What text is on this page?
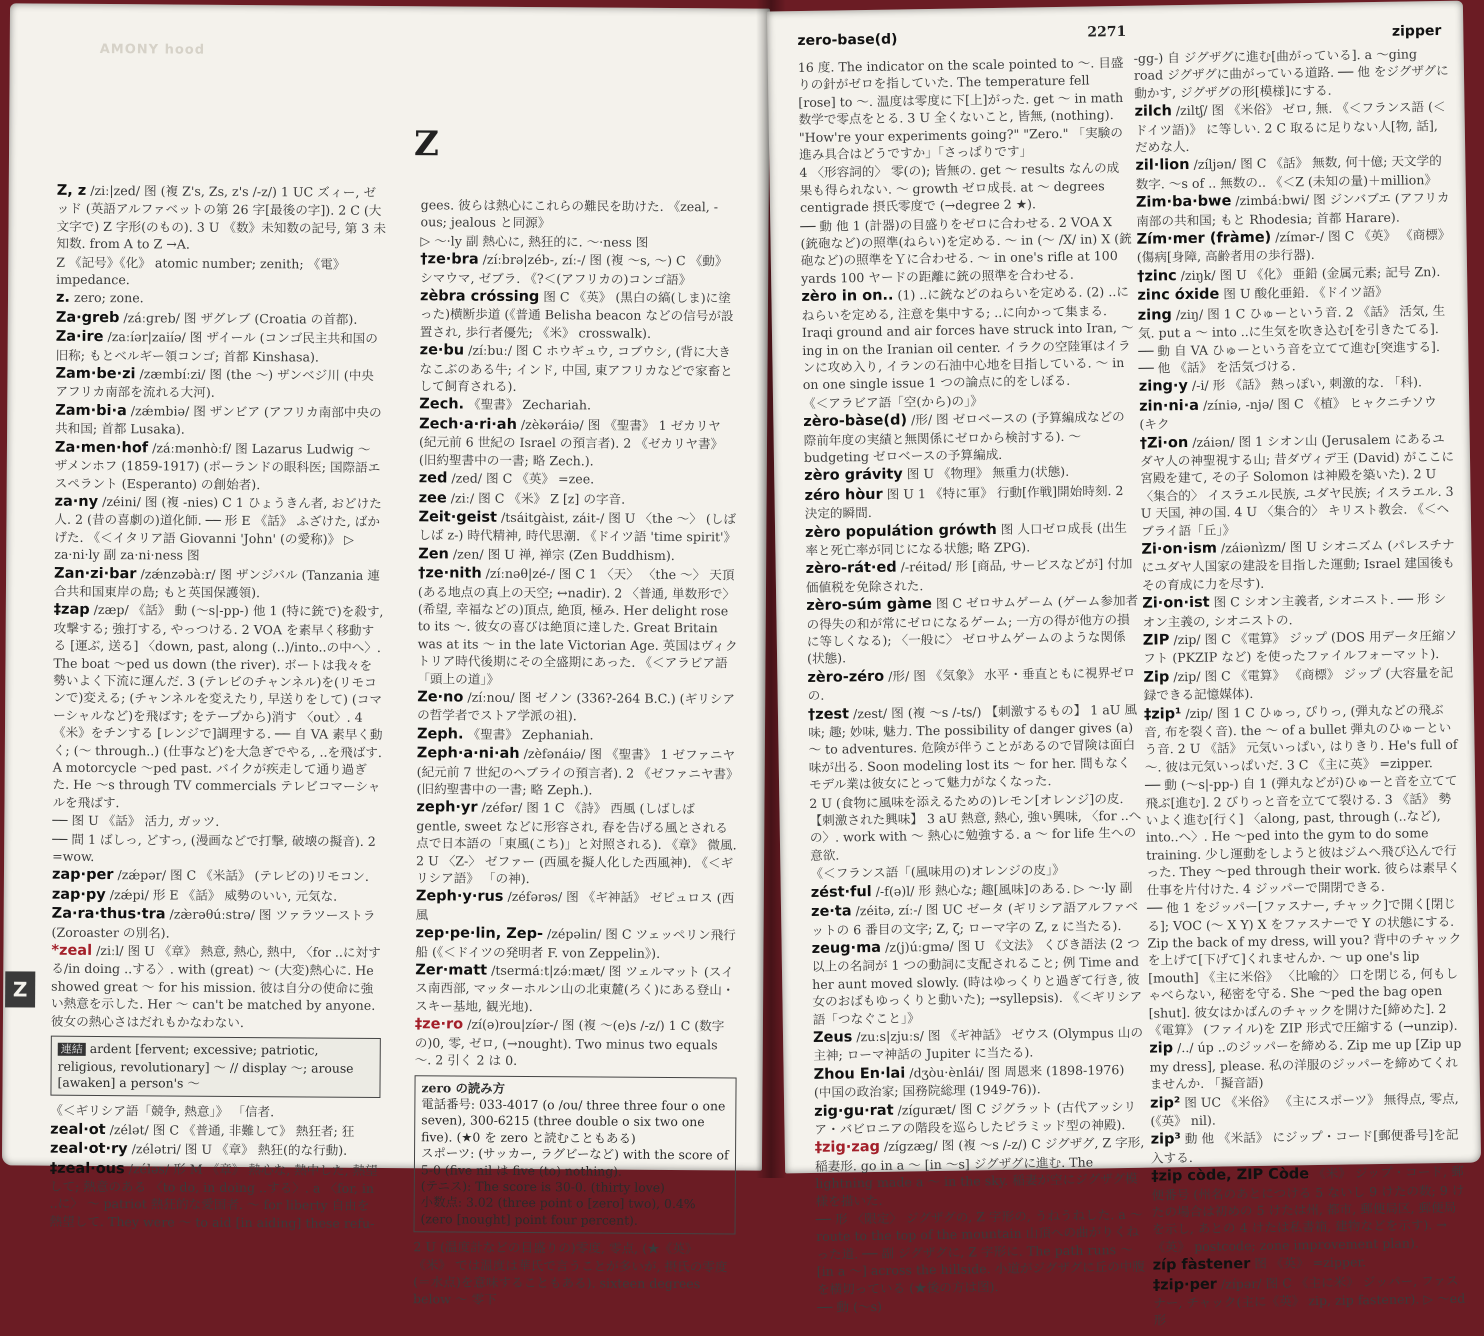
AMONY hood
Z
Z, z /ziː|zed/ 图 (複 Z's, Zs, z's /-z/) 1 UC ズィー, ゼッド (英語アルファベットの第 26 字[最後の字]). 2 C (大文字で) Z 字形(のもの). 3 U 《数》未知数の記号, 第 3 未知数. from A to Z →A.
Z 《記号》《化》 atomic number; zenith; 《電》 impedance.
z. zero; zone.
Za·greb /záːɡreb/ 图 ザグレブ (Croatia の首都).
Za·ire /zaːíər|zaiíə/ 图 ザイール (コンゴ民主共和国の旧称; もとベルギー領コンゴ; 首都 Kinshasa).
Zam·be·zi /zæmbíːzi/ 图 (the ～) ザンベジ川 (中央アフリカ南部を流れる大河).
Zam·bi·a /zǽmbiə/ 图 ザンビア (アフリカ南部中央の共和国; 首都 Lusaka).
Za·men·hof /záːmənhòːf/ 图 Lazarus Ludwig ～ ザメンホフ (1859-1917) (ポーランドの眼科医; 国際語エスペラント (Esperanto) の創始者).
za·ny /zéini/ 图 (複 -nies) C 1 ひょうきん者, おどけた人. 2 (昔の喜劇の)道化師. ── 形 E 《話》 ふざけた, ばかげた. 《＜イタリア語 Giovanni 'John' (の愛称)》 ▷ za·ni·ly 副 za·ni·ness 图
Zan·zi·bar /zǽnzəbàːr/ 图 ザンジバル (Tanzania 連合共和国東岸の島; もと英国保護領).
‡zap /zæp/ 《話》 動 (～s|-pp-) 他 1 (特に銃で)を殺す, 攻撃する; 強打する, やっつける. 2 VOA を素早く移動する [運ぶ, 送る] 〈down, past, along (..)/into..の中へ〉. The boat ～ped us down (the river). ボートは我々を勢いよく下流に運んだ. 3 (テレビのチャンネル)を(リモコンで)変える; (チャンネルを変えたり, 早送りをして) (コマーシャルなど)を飛ばす; をテープから)消す 〈out〉. 4 《米》をチンする [レンジで]調理する. ── 自 VA 素早く動く; (～ through..) (仕事など)を大急ぎでやる, ..を飛ばす. A motorcycle ～ped past. バイクが疾走して通り過ぎた. He ～s through TV commercials テレビコマーシャルを飛ばす.
── 图 U 《話》 活力, ガッツ.
── 間 1 ばしっ, どすっ, (漫画などで打撃, 破壊の擬音). 2 =wow.
zap·per /zǽpər/ 图 C 《米話》 (テレビの)リモコン.
zap·py /zǽpi/ 形 E 《話》 威勢のいい, 元気な.
Za·ra·thus·tra /zæ̀rəθúːstrə/ 图 ツァラツーストラ (Zoroaster の別名).
*zeal /ziːl/ 图 U 《章》 熱意, 熱心, 熱中, 〈for ..に対する/in doing ..する〉. with (great) ～ (大変)熱心に. He showed great ～ for his mission. 彼は自分の使命に強い熱意を示した. Her ～ can't be matched by anyone. 彼女の熱心さはだれもかなわない.
連結 ardent [fervent; excessive; patriotic, religious, revolutionary] ～ // display ～; arouse [awaken] a person's ～
《＜ギリシア語「競争, 熱意」》 「信者.
zeal·ot /zélət/ 图 C 《普通, 非難して》 熱狂者; 狂
zeal·ot·ry /zélətri/ 图 U 《章》 熱狂(的な行動).
‡zeal·ous /zéləs/ 形 M 《章》 熱心な, 熱中した, 熱望して; 熱意のある 〈to do, in doing ..する〉. a 〈for, in ..に〉 ～ patriot 熱狂的な愛国者. ～ for liberty 自由を熱望して. They were ～ to aid [in aiding] these refu-
gees. 彼らは熱心にこれらの難民を助けた. 《zeal, -ous; jealous と同源》
▷ ～·ly 副 熱心に, 熱狂的に. ～·ness 图
†ze·bra /zíːbrə|zéb-, zíː-/ 图 (複 ～s, ～) C 《動》 シマウマ, ゼブラ. 《?＜(アフリカの)コンゴ語》
zèbra cróssing 图 C 《英》 (黒白の縞(しま)に塗った)横断歩道 (《普通 Belisha beacon などの信号が設置され, 歩行者優先; 《米》 crosswalk).
ze·bu /zíːbuː/ 图 C ホウギュウ, コブウシ, (背に大きなこぶのある牛; インド, 中国, 東アフリカなどで家畜として飼育される).
Zech. 《聖書》 Zechariah.
Zech·a·ri·ah /zèkəráiə/ 图 《聖書》 1 ゼカリヤ (紀元前 6 世紀の Israel の預言者). 2 《ゼカリヤ書》 (旧約聖書中の一書; 略 Zech.).
zed /zed/ 图 C 《英》 =zee.
zee /ziː/ 图 C 《米》 Z [z] の字音.
Zeit·geist /tsáitɡàist, záit-/ 图 U 〈the ～〉 (しばしば z-) 時代精神, 時代思潮. 《ドイツ語 'time spirit'》
Zen /zen/ 图 U 禅, 禅宗 (Zen Buddhism).
†ze·nith /zíːnəθ|zé-/ 图 C 1 〈天〉 〈the ～〉 天頂 (ある地点の真上の天空; ↔nadir). 2 〈普通, 単数形で〉 (希望, 幸福などの)頂点, 絶頂, 極み. Her delight rose to its ～. 彼女の喜びは絶頂に達した. Great Britain was at its ～ in the late Victorian Age. 英国はヴィクトリア時代後期にその全盛期にあった. 《＜アラビア語「頭上の道」》
Ze·no /zíːnou/ 图 ゼノン (336?-264 B.C.) (ギリシアの哲学者でストア学派の祖).
Zeph. 《聖書》 Zephaniah.
Zeph·a·ni·ah /zèfənáiə/ 图 《聖書》 1 ゼファニヤ (紀元前 7 世紀のヘブライの預言者). 2 《ゼファニヤ書》 (旧約聖書中の一書; 略 Zeph.).
zeph·yr /zéfər/ 图 1 C 《詩》 西風 (しばしば gentle, sweet などに形容され, 春を告げる風とされる点で日本語の「東風(こち)」と対照される). 《章》 微風. 2 U 〈Z-〉 ゼファー (西風を擬人化した西風神). 《＜ギリシア語》 「の神).
Zeph·y·rus /zéfərəs/ 图 《ギ神話》 ゼピュロス (西風
zep·pe·lin, Zep- /zépəlin/ 图 C ツェッペリン飛行船 (《＜ドイツの発明者 F. von Zeppelin》).
Zer·matt /tsermáːt|zə́ːmæt/ 图 ツェルマット (スイス南西部, マッターホルン山の北東麓(ろく)にある登山・スキー基地, 観光地).
‡ze·ro /zí(ə)rou|zíər-/ 图 (複 ～(e)s /-z/) 1 C (数字の)0, 零, ゼロ, (→nought). Two minus two equals ～. 2 引く 2 は 0.
zero の読み方
電話番号: 033-4017 (o /ou/ three three four o one seven), 300-6215 (three double o six two one five). (★0 を zero と読むこともある)
スポーツ: (サッカー, ラグビーなど) with the score of 5-0 (five nil は five (to) nothing).
(テニス): The score is 30-0. (thirty love)
小数点: 3.02 (three point o [zero] two), 0.4% (zero [nought] point four percent).
2 U (温度計などの目盛りの)零度, 零点, (★《英》 《米》 では温度は華氏で言うことが多いが, 摂氏の零度 (＝水点)を意味することもある). sixteen degrees below ～ 零下
Z
zero-base(d)	2271	zipper
16 度. The indicator on the scale pointed to ～. 目盛りの針がゼロを指していた. The temperature fell [rose] to ～. 温度は零度に下[上]がった. get ～ in math 数学で零点をとる. 3 U 全くないこと, 皆無, (nothing). "How're your experiments going?" "Zero." 「実験の進み具合はどうですか」「さっぱりです」
4 〈形容詞的〉 零(の); 皆無の. get ～ results なんの成果も得られない. ～ growth ゼロ成長. at ～ degrees centigrade 摂氏零度で (→degree 2 ★).
── 動 他 1 (計器)の目盛りをゼロに合わせる. 2 VOA X (銃砲など)の照準(ねらい)を定める. ～ in (～ /X/ in) X (銃砲など)の照準をＹに合わせる. ～ in one's rifle at 100 yards 100 ヤードの距離に銃の照準を合わせる.
zèro in on.. (1) ..に銃などのねらいを定める. (2) ..にねらいを定める, 注意を集中する; ..に向かって集まる. Iraqi ground and air forces have struck into Iran, ～ing in on the Iranian oil center. イラクの空陸軍はイランに攻め入り, イランの石油中心地を目指している. ～ in on one single issue 1 つの論点に的をしぼる.
《＜アラビア語「空(から)の」》
zèro-bàse(d) /形/ 图 ゼロベースの (予算編成などの際前年度の実績と無関係にゼロから検討する). ～ budgeting ゼロベースの予算編成.
zèro grávity 图 U 《物理》 無重力(状態).
zéro hòur 图 U 1 《特に軍》 行動[作戦]開始時刻. 2 決定的瞬間.
zèro populátion grówth 图 人口ゼロ成長 (出生率と死亡率が同じになる状態; 略 ZPG).
zèro-rát·ed /-réitəd/ 形 [商品, サービスなどが] 付加価値税を免除された.
zèro-súm gàme 图 C ゼロサムゲーム (ゲーム参加者の得失の和が常にゼロになるゲーム; 一方の得が他方の損に等しくなる); 〈一般に〉 ゼロサムゲームのような関係(状態).
zèro-zéro /形/ 图 《気象》 水平・垂直ともに視界ゼロの.
†zest /zest/ 图 (複 ～s /-ts/) 【刺激するもの】 1 aU 風味; 趣; 妙味, 魅力. The possibility of danger gives (a) ～ to adventures. 危険が伴うことがあるので冒険は面白味が出る. Soon modeling lost its ～ for her. 間もなくモデル業は彼女にとって魅力がなくなった.
2 U (食物に風味を添えるための)レモン[オレンジ]の皮. 【刺激された興味】 3 aU 熱意, 熱心, 強い興味, 〈for ..への〉. work with ～ 熱心に勉強する. a ～ for life 生への意欲.
《＜フランス語「(風味用の)オレンジの皮」》
zést·ful /-f(ə)l/ 形 熱心な; 趣[風味]のある. ▷ ～·ly 副
ze·ta /zéitə, zíː-/ 图 UC ゼータ (ギリシア語アルファベットの 6 番目の文字; Z, ζ; ローマ字の Z, z に当たる).
zeug·ma /z(j)úːɡmə/ 图 U 《文法》 くびき語法 (2 つ以上の名詞が 1 つの動詞に支配されること; 例 Time and her aunt moved slowly. (時はゆっくりと過ぎて行き, 彼女のおばもゆっくりと動いた); →syllepsis). 《＜ギリシア語「つなぐこと」》
Zeus /zuːs|zjuːs/ 图 《ギ神話》 ゼウス (Olympus 山の主神; ローマ神話の Jupiter に当たる).
Zhou En·lai /dʒòu·ènlái/ 图 周恩来 (1898-1976) (中国の政治家; 国務院総理 (1949-76)).
zig·gu·rat /zíɡurӕt/ 图 C ジグラット (古代アッシリア・バビロニアの階段を巡らしたピラミッド型の神殿).
‡zig·zag /zíɡzæɡ/ 图 (複 ～s /-z/) C ジグザグ, Z 字形, 稲妻形. go in a ～ [in ～s] ジグザグに進む. The lightning made a ～ in the sky. 稲妻が空にジグザグ模様を描いた.
── 形 〈限定〉 ジグザグの, Z 字形の, うねうねした. a ～ route to the top of the mountain 山頂への曲がりくねった道. ── 副 ジグザグに, Z 字形に. The path runs ～ [in a ～] across the hillside. 小道がジグザグに丘の中腹を横切っている (★後の方は图).
── 動 (～s)
-gg-) 自 ジグザグに進む[曲がっている]. a ～ging road ジグザグに曲がっている道路. ── 他 をジグザグに動かす, ジグザグの形[模様]にする.
zilch /ziltʃ/ 图 《米俗》 ゼロ, 無. 《＜フランス語 (＜ドイツ語)》 に等しい. 2 C 取るに足りない人[物, 話], だめな人.
zil·lion /zíljən/ 图 C 《話》 無数, 何十億; 天文学的数字. ～s of .. 無数の.. 《＜Z (未知の量)＋million》
Zim·ba·bwe /zimbáːbwi/ 图 ジンバブエ (アフリカ南部の共和国; もと Rhodesia; 首都 Harare).
Zím·mer (fràme) /zímər-/ 图 C 《英》 《商標》 (傷病[身障, 高齢者用の歩行器).
†zinc /ziŋk/ 图 U 《化》 亜鉛 (金属元素; 記号 Zn).
zinc óxide 图 U 酸化亜鉛. 《ドイツ語》
zing /ziŋ/ 图 1 C ひゅーという音. 2 《話》 活気, 生気. put a ～ into ..に生気を吹き込む[を引きたてる]. ── 動 自 VA ひゅーという音を立てて進む[突進する]. ── 他 《話》 を活気づける.
zing·y /-i/ 形 《話》 熱っぽい, 刺激的な. 「科).
zin·ni·a /zíniə, -njə/ 图 C 《植》 ヒャクニチソウ (キク
†Zi·on /záiən/ 图 1 シオン山 (Jerusalem にあるユダヤ人の神聖視する山; 昔ダヴィデ王 (David) がここに宮殿を建て, その子 Solomon は神殿を築いた). 2 U 〈集合的〉 イスラエル民族, ユダヤ民族; イスラエル. 3 U 天国, 神の国. 4 U 〈集合的〉 キリスト教会. 《＜ヘブライ語「丘」》
Zi·on·ism /záiənìzm/ 图 U シオニズム (パレスチナにユダヤ人国家の建設を目指した運動; Israel 建国後もその育成に力を尽す).
Zi·on·ist 图 C シオン主義者, シオニスト. ── 形 シオン主義の, シオニストの.
ZIP /zip/ 图 C 《電算》 ジップ (DOS 用データ圧縮ソフト (PKZIP など) を使ったファイルフォーマット).
Zip /zip/ 图 C 《電算》 《商標》 ジップ (大容量を記録できる記憶媒体).
‡zip¹ /zip/ 图 1 C ひゅっ, ぴりっ, (弾丸などの飛ぶ音, 布を裂く音). the ～ of a bullet 弾丸のひゅーという音. 2 U 《話》 元気いっぱい, はりきり. He's full of ～. 彼は元気いっぱいだ. 3 C 《主に英》 =zipper.
── 動 (～s|-pp-) 自 1 (弾丸などが)ひゅーと音を立てて飛ぶ[進む]. 2 びりっと音を立てて裂ける. 3 《話》 勢いよく進む[行く] 〈along, past, through (..など), into..へ〉. He ～ped into the gym to do some training. 少し運動をしようと彼はジムへ飛び込んで行った. They ～ped through their work. 彼らは素早く仕事を片付けた. 4 ジッパーで開閉できる.
── 他 1 をジッパー[ファスナー, チャック]で開く[閉じる]; VOC (～ X Y) X をファスナーで Y の状態にする. Zip the back of my dress, will you? 背中のチャックを上げて[下げて]くれませんか. ～ up one's lip [mouth] 《主に米俗》 〈比喩的〉 口を閉じる, 何もしゃべらない, 秘密を守る. She ～ped the bag open [shut]. 彼女はかばんのチャックを開けた[締めた]. 2 《電算》 (ファイル)を ZIP 形式で圧縮する (→unzip).
zip /../ úp ..のジッパーを締める. Zip me up [Zip up my dress], please. 私の洋服のジッパーを締めてくれませんか. 「擬音語)
zip² 图 UC 《米俗》 《主にスポーツ》 無得点, 零点, (《英》 nil).
zip³ 動 他 《米話》 にジップ・コード[郵便番号]を記入する.
‡zip còde, ZIP Còde 《米》 ジップ・コード, 郵便番号 (州名のあとにつける 5 ないし 9 けたの数; 9 けたの場合は初めの 5 けたは州, 都市, 郵便局区, 郵便局を示し, あとの 4 けたは私書箱, 建物などを示す). →《英》 postcode; zone improvement plan).
zíp fàstener 图 《英》 =zipper.
‡zip·per /zípər/ 图 C 《主に米》 ジッパー, ファスナー, チャック(主に《英》 zip, zip fastener). ▷ ～ed 形
